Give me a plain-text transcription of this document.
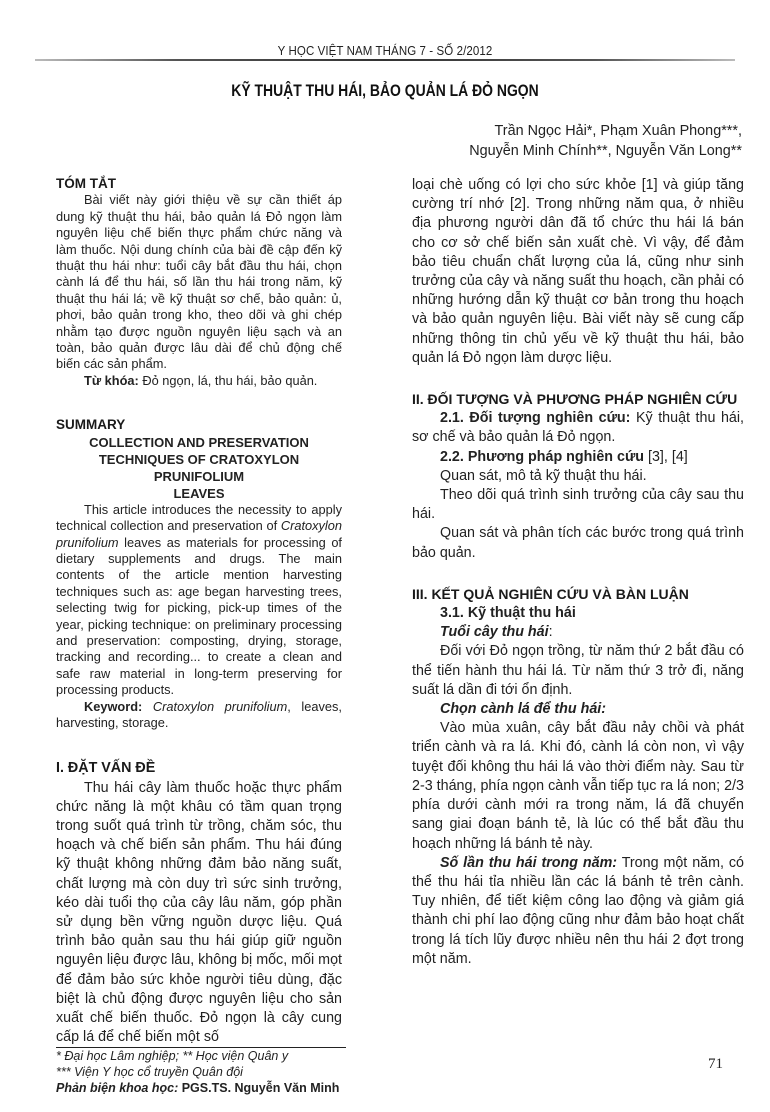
Y HỌC VIỆT NAM THÁNG 7 - SỐ 2/2012
KỸ THUẬT THU HÁI, BẢO QUẢN LÁ ĐỎ NGỌN
Trần Ngọc Hải*, Phạm Xuân Phong***,
Nguyễn Minh Chính**, Nguyễn Văn Long**
TÓM TẮT

Bài viết này giới thiệu về sự cần thiết áp dung kỹ thuật thu hái, bảo quản lá Đỏ ngọn làm nguyên liệu chế biến thực phẩm chức năng và làm thuốc. Nội dung chính của bài đề cập đến kỹ thuật thu hái như: tuổi cây bắt đầu thu hái, chọn cành lá để thu hái, số lần thu hái trong năm, kỹ thuật thu hái lá; về kỹ thuật sơ chế, bảo quản: ủ, phơi, bảo quản trong kho, theo dõi và ghi chép nhằm tạo được nguồn nguyên liệu sạch và an toàn, bảo quản được lâu dài để chủ động chế biến các sản phẩm.

Từ khóa: Đỏ ngọn, lá, thu hái, bảo quản.

SUMMARY
COLLECTION AND PRESERVATION
TECHNIQUES OF CRATOXYLON PRUNIFOLIUM
LEAVES

This article introduces the necessity to apply technical collection and preservation of Cratoxylon prunifolium leaves as materials for processing of dietary supplements and drugs. The main contents of the article mention harvesting techniques such as: age began harvesting trees, selecting twig for picking, pick-up times of the year, picking technique: on preliminary processing and preservation: composting, drying, storage, tracking and recording... to create a clean and safe raw material in long-term preserving for processing products.

Keyword: Cratoxylon prunifolium, leaves, harvesting, storage.

I. ĐẶT VẤN ĐỀ

Thu hái cây làm thuốc hoặc thực phẩm chức năng là một khâu có tầm quan trọng trong suốt quá trình từ trồng, chăm sóc, thu hoạch và chế biến sản phẩm. Thu hái đúng kỹ thuật không những đảm bảo năng suất, chất lượng mà còn duy trì sức sinh trưởng, kéo dài tuổi thọ của cây lâu năm, góp phần sử dụng bền vững nguồn dược liệu. Quá trình bảo quản sau thu hái giúp giữ nguồn nguyên liệu được lâu, không bị mốc, mối mọt để đảm bảo sức khỏe người tiêu dùng, đặc biệt là chủ động được nguyên liệu cho sản xuất chế biến thuốc. Đỏ ngọn là cây cung cấp lá để chế biến một số

* Đại học Lâm nghiệp; ** Học viện Quân y
*** Viện Y học cổ truyền Quân đội
Phản biện khoa học: PGS.TS. Nguyễn Văn Minh

loại chè uống có lợi cho sức khỏe [1] và giúp tăng cường trí nhớ [2]. Trong những năm qua, ở nhiều địa phương người dân đã tổ chức thu hái lá bán cho cơ sở chế biến sản xuất chè. Vì vậy, để đảm bảo tiêu chuẩn chất lượng của lá, cũng như sinh trưởng của cây và năng suất thu hoạch, cần phải có những hướng dẫn kỹ thuật cơ bản trong thu hoạch và bảo quản nguyên liệu. Bài viết này sẽ cung cấp những thông tin chủ yếu về kỹ thuật thu hái, bảo quản lá Đỏ ngọn làm dược liệu.

II. ĐỐI TƯỢNG VÀ PHƯƠNG PHÁP NGHIÊN CỨU

2.1. Đối tượng nghiên cứu: Kỹ thuật thu hái, sơ chế và bảo quản lá Đỏ ngọn.

2.2. Phương pháp nghiên cứu [3], [4]

Quan sát, mô tả kỹ thuật thu hái.

Theo dõi quá trình sinh trưởng của cây sau thu hái.

Quan sát và phân tích các bước trong quá trình bảo quản.

III. KẾT QUẢ NGHIÊN CỨU VÀ BÀN LUẬN

3.1. Kỹ thuật thu hái

Tuổi cây thu hái:

Đối với Đỏ ngọn trồng, từ năm thứ 2 bắt đầu có thể tiến hành thu hái lá. Từ năm thứ 3 trở đi, năng suất lá dần đi tới ổn định.

Chọn cành lá để thu hái:

Vào mùa xuân, cây bắt đầu nảy chồi và phát triển cành và ra lá. Khi đó, cành lá còn non, vì vậy tuyệt đối không thu hái lá vào thời điểm này. Sau từ 2-3 tháng, phía ngọn cành vẫn tiếp tục ra lá non; 2/3 phía dưới cành mới ra trong năm, lá đã chuyển sang giai đoạn bánh tẻ, là lúc có thể bắt đầu thu hoạch những lá bánh tẻ này.

Số lần thu hái trong năm: Trong một năm, có thể thu hái tỉa nhiều lần các lá bánh tẻ trên cành. Tuy nhiên, để tiết kiệm công lao động và giảm giá thành chi phí lao động cũng như đảm bảo hoạt chất trong lá tích lũy được nhiều nên thu hái 2 đợt trong một năm.

71
